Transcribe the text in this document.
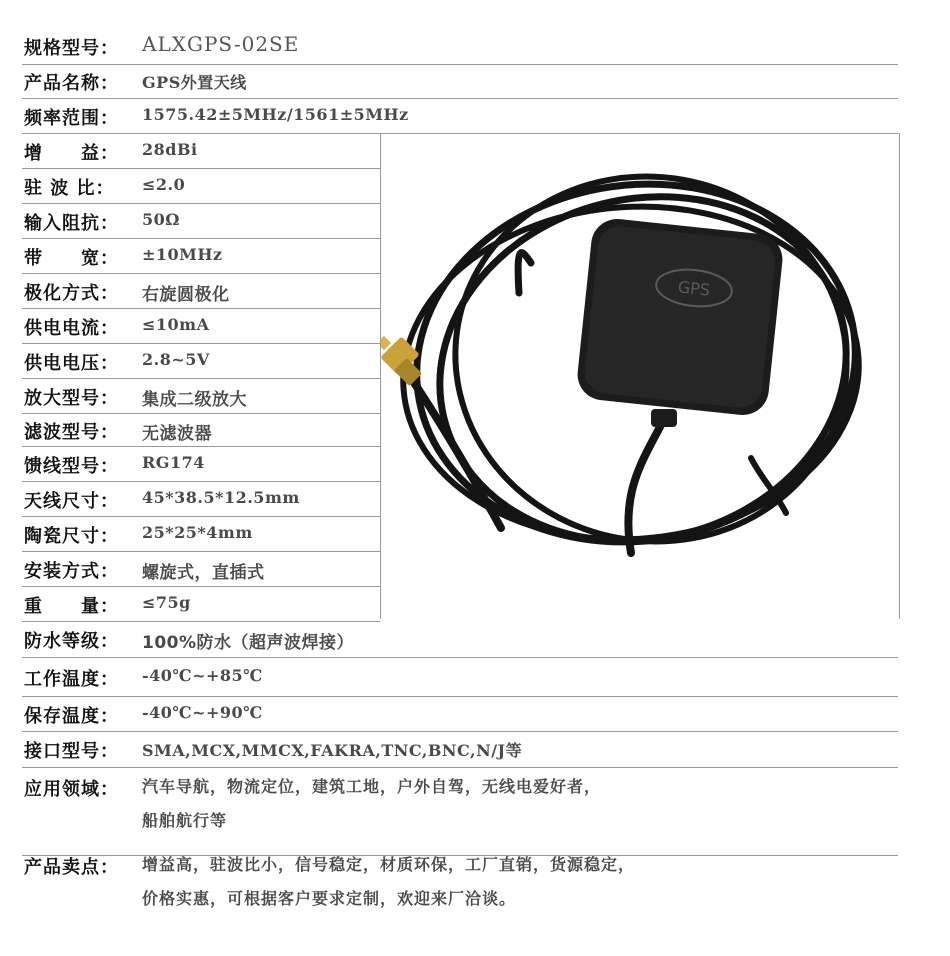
GPS
规格型号： ALXGPS-02SE
产品名称： GPS外置天线
频率范围： 1575.42±5MHz/1561±5MHz
增　　益： 28dBi
驻 波 比： ≤2.0
输入阻抗： 50Ω
带　　宽： ±10MHz
极化方式： 右旋圆极化
供电电流： ≤10mA
供电电压： 2.8~5V
放大型号： 集成二级放大
滤波型号： 无滤波器
馈线型号： RG174
天线尺寸： 45*38.5*12.5mm
陶瓷尺寸： 25*25*4mm
安装方式： 螺旋式，直插式
重　　量： ≤75g
防水等级： 100%防水（超声波焊接）
工作温度： -40℃~+85℃
保存温度： -40℃~+90℃
接口型号： SMA,MCX,MMCX,FAKRA,TNC,BNC,N/J等
应用领域： 汽车导航，物流定位，建筑工地，户外自驾，无线电爱好者，
船舶航行等
产品卖点： 增益高，驻波比小，信号稳定，材质环保，工厂直销，货源稳定，
价格实惠，可根据客户要求定制，欢迎来厂洽谈。
